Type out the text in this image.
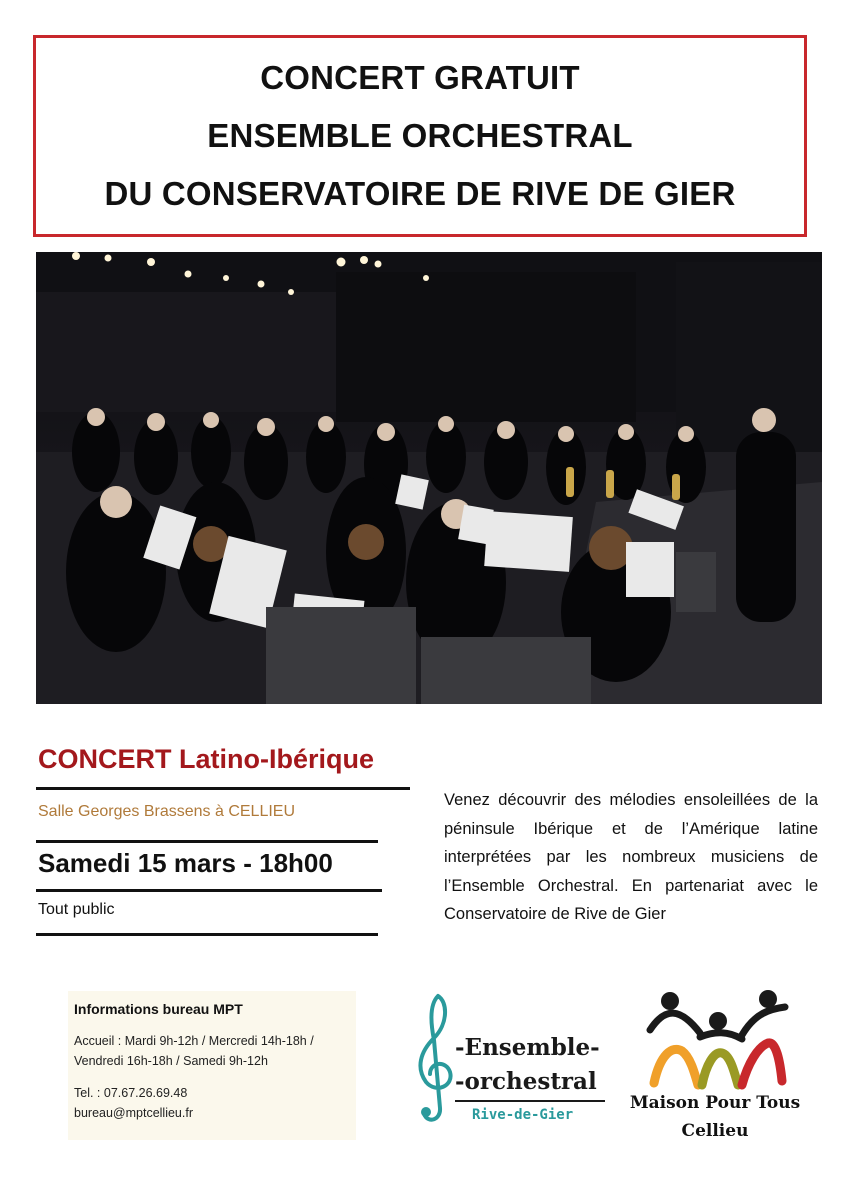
CONCERT GRATUIT
ENSEMBLE ORCHESTRAL
DU CONSERVATOIRE DE RIVE DE GIER
CONCERT Latino-Ibérique
Salle Georges Brassens à CELLIEU
Samedi 15 mars - 18h00
Tout public
Venez découvrir des mélodies ensoleillées de la péninsule Ibérique et de l’Amérique latine interprétées par les nombreux musiciens de l’Ensemble Orchestral. En partenariat avec le Conservatoire de Rive de Gier
Informations bureau MPT
Accueil : Mardi 9h-12h / Mercredi 14h-18h /
Vendredi 16h-18h / Samedi 9h-12h
Tel. : 07.67.26.69.48
bureau@mptcellieu.fr
-Ensemble-
-orchestral
Rive-de-Gier
Maison Pour Tous
Cellieu
